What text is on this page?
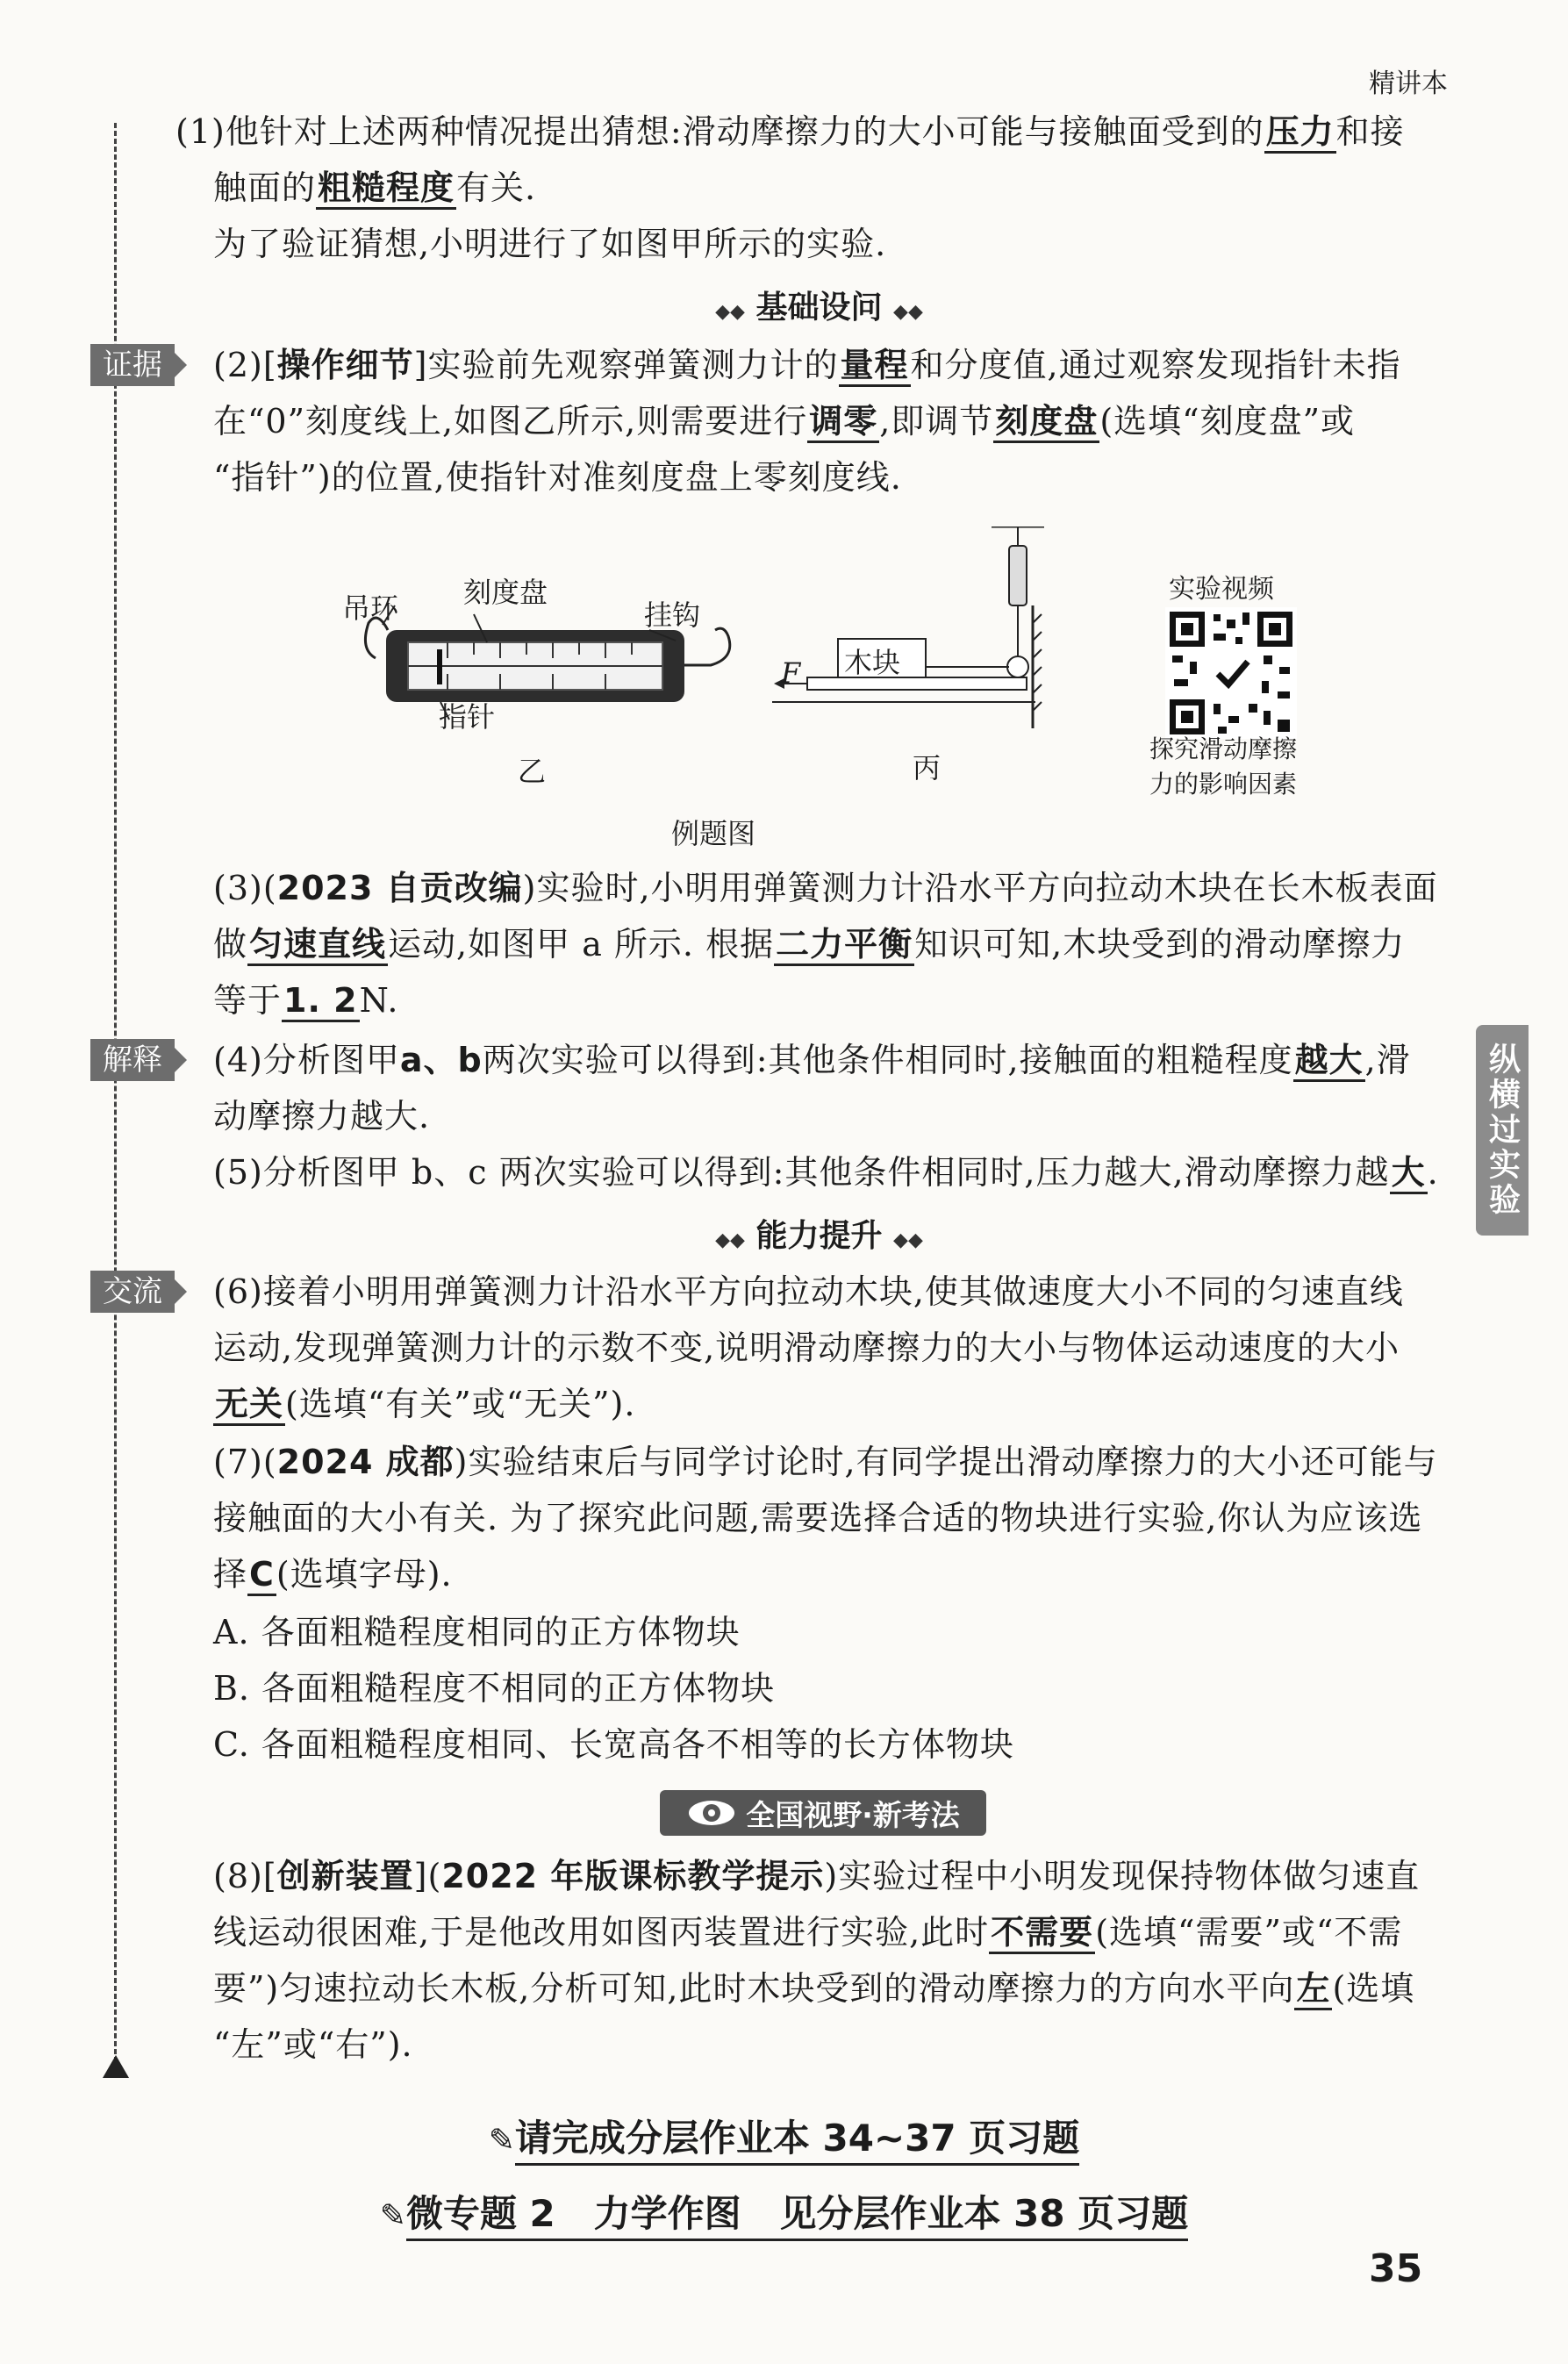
精讲本
纵横过实验
(1)他针对上述两种情况提出猜想:滑动摩擦力的大小可能与接触面受到的压力和接
触面的粗糙程度有关.
为了验证猜想,小明进行了如图甲所示的实验.
◆◆ 基础设问 ◆◆
证据	(2)[操作细节]实验前先观察弹簧测力计的量程和分度值,通过观察发现指针未指
在“0”刻度线上,如图乙所示,则需要进行调零,即调节刻度盘(选填“刻度盘”或
“指针”)的位置,使指针对准刻度盘上零刻度线.
吊环 刻度盘
挂钩
指针
乙
木块
F
丙
实验视频
探究滑动摩擦
力的影响因素
例题图
(3)(2023 自贡改编)实验时,小明用弹簧测力计沿水平方向拉动木块在长木板表面
做匀速直线运动,如图甲 a 所示. 根据二力平衡知识可知,木块受到的滑动摩擦力
等于1. 2N.
解释	(4)分析图甲a、b两次实验可以得到:其他条件相同时,接触面的粗糙程度越大,滑
动摩擦力越大.
(5)分析图甲 b、c 两次实验可以得到:其他条件相同时,压力越大,滑动摩擦力越大.
◆◆ 能力提升 ◆◆
交流	(6)接着小明用弹簧测力计沿水平方向拉动木块,使其做速度大小不同的匀速直线
运动,发现弹簧测力计的示数不变,说明滑动摩擦力的大小与物体运动速度的大小
无关(选填“有关”或“无关”).
(7)(2024 成都)实验结束后与同学讨论时,有同学提出滑动摩擦力的大小还可能与
接触面的大小有关. 为了探究此问题,需要选择合适的物块进行实验,你认为应该选
择C(选填字母).
A. 各面粗糙程度相同的正方体物块
B. 各面粗糙程度不相同的正方体物块
C. 各面粗糙程度相同、长宽高各不相等的长方体物块
全国视野·新考法
(8)[创新装置](2022 年版课标教学提示)实验过程中小明发现保持物体做匀速直
线运动很困难,于是他改用如图丙装置进行实验,此时不需要(选填“需要”或“不需
要”)匀速拉动长木板,分析可知,此时木块受到的滑动摩擦力的方向水平向左(选填
“左”或“右”).
✎请完成分层作业本 34~37 页习题
✎微专题 2   力学作图   见分层作业本 38 页习题
35
